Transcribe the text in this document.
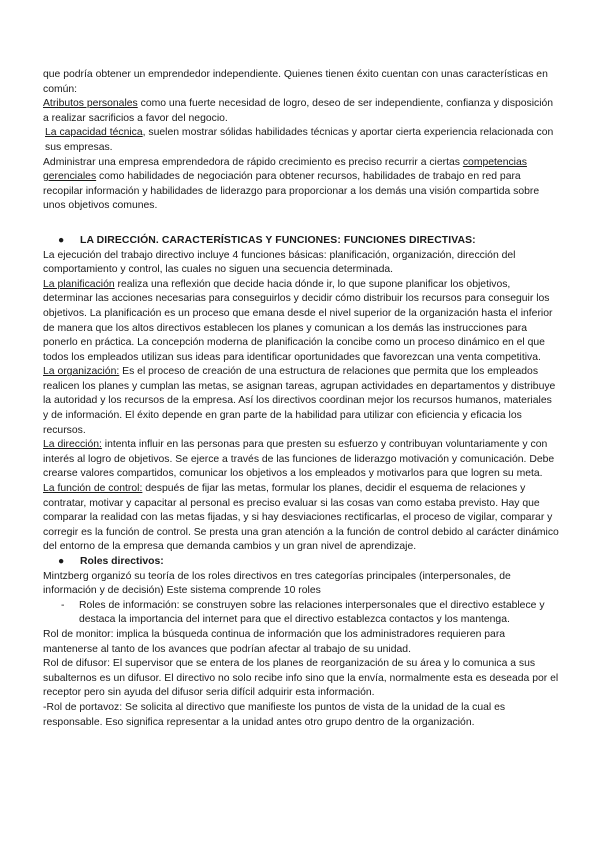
que podría obtener un emprendedor independiente. Quienes tienen éxito cuentan con unas características en común:

Atributos personales como una fuerte necesidad de logro, deseo de ser independiente, confianza y disposición a realizar sacrificios a favor del negocio.

La capacidad técnica, suelen mostrar sólidas habilidades técnicas y aportar cierta experiencia relacionada con sus empresas.

Administrar una empresa emprendedora de rápido crecimiento es preciso recurrir a ciertas competencias gerenciales como habilidades de negociación para obtener recursos, habilidades de trabajo en red para recopilar información y habilidades de liderazgo para proporcionar a los demás una visión compartida sobre unos objetivos comunes.

● LA DIRECCIÓN. CARACTERÍSTICAS Y FUNCIONES: FUNCIONES DIRECTIVAS:

La ejecución del trabajo directivo incluye 4 funciones básicas: planificación, organización, dirección del comportamiento y control, las cuales no siguen una secuencia determinada.

La planificación realiza una reflexión que decide hacia dónde ir, lo que supone planificar los objetivos, determinar las acciones necesarias para conseguirlos y decidir cómo distribuir los recursos para conseguir los objetivos. La planificación es un proceso que emana desde el nivel superior de la organización hasta el inferior de manera que los altos directivos establecen los planes y comunican a los demás las instrucciones para ponerlo en práctica. La concepción moderna de planificación la concibe como un proceso dinámico en el que todos los empleados utilizan sus ideas para identificar oportunidades que favorezcan una venta competitiva.

La organización: Es el proceso de creación de una estructura de relaciones que permita que los empleados realicen los planes y cumplan las metas, se asignan tareas, agrupan actividades en departamentos y distribuye la autoridad y los recursos de la empresa. Así los directivos coordinan mejor los recursos humanos, materiales y de información. El éxito depende en gran parte de la habilidad para utilizar con eficiencia y eficacia los recursos.

La dirección: intenta influir en las personas para que presten su esfuerzo y contribuyan voluntariamente y con interés al logro de objetivos. Se ejerce a través de las funciones de liderazgo motivación y comunicación. Debe crearse valores compartidos, comunicar los objetivos a los empleados y motivarlos para que logren su meta.

La función de control: después de fijar las metas, formular los planes, decidir el esquema de relaciones y contratar, motivar y capacitar al personal es preciso evaluar si las cosas van como estaba previsto. Hay que comparar la realidad con las metas fijadas, y si hay desviaciones rectificarlas, el proceso de vigilar, comparar y corregir es la función de control. Se presta una gran atención a la función de control debido al carácter dinámico del entorno de la empresa que demanda cambios y un gran nivel de aprendizaje.

● Roles directivos:

Mintzberg organizó su teoría de los roles directivos en tres categorías principales (interpersonales, de información y de decisión) Este sistema comprende 10 roles

- Roles de información: se construyen sobre las relaciones interpersonales que el directivo establece y destaca la importancia del internet para que el directivo establezca contactos y los mantenga.

Rol de monitor: implica la búsqueda continua de información que los administradores requieren para mantenerse al tanto de los avances que podrían afectar al trabajo de su unidad.

Rol de difusor: El supervisor que se entera de los planes de reorganización de su área y lo comunica a sus subalternos es un difusor. El directivo no solo recibe info sino que la envía, normalmente esta es deseada por el receptor pero sin ayuda del difusor seria difícil adquirir esta información.

-Rol de portavoz: Se solicita al directivo que manifieste los puntos de vista de la unidad de la cual es responsable. Eso significa representar a la unidad antes otro grupo dentro de la organización.
